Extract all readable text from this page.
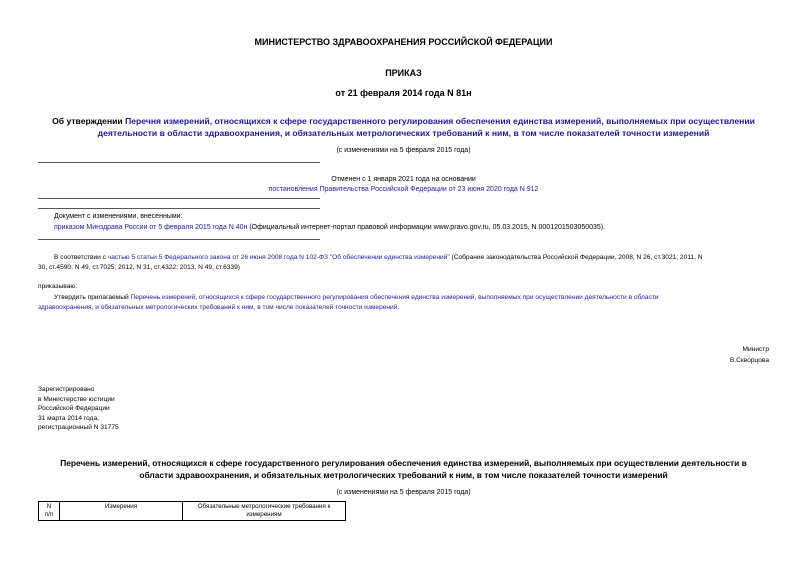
МИНИСТЕРСТВО ЗДРАВООХРАНЕНИЯ РОССИЙСКОЙ ФЕДЕРАЦИИ
ПРИКАЗ
от 21 февраля 2014 года N 81н
Об утверждении Перечня измерений, относящихся к сфере государственного регулирования обеспечения единства измерений, выполняемых при осуществлении
деятельности в области здравоохранения, и обязательных метрологических требований к ним, в том числе показателей точности измерений
(с изменениями на 5 февраля 2015 года)
Отменен с 1 января 2021 года на основании
постановления Правительства Российской Федерации от 23 июня 2020 года N 912
Документ с изменениями, внесенными:
приказом Минздрава России от 5 февраля 2015 года N 40н (Официальный интернет-портал правовой информации www.pravo.gov.ru, 05.03.2015, N 0001201503050035).
В соответствии с частью 5 статьи 5 Федерального закона от 26 июня 2008 года N 102-ФЗ "Об обеспечении единства измерений" (Собрание законодательства Российской Федерации, 2008, N 26, ст.3021; 2011, N
30, ст.4590; N 49, ст.7025; 2012, N 31, ст.4322; 2013, N 49, ст.6339)
приказываю:
Утвердить прилагаемый Перечень измерений, относящихся к сфере государственного регулирования обеспечения единства измерений, выполняемых при осуществлении деятельности в области
здравоохранения, и обязательных метрологических требований к ним, в том числе показателей точности измерений.
Министр
В.Скворцова
Зарегистрировано
в Министерстве юстиции
Российской Федерации
31 марта 2014 года,
регистрационный N 31775
Перечень измерений, относящихся к сфере государственного регулирования обеспечения единства измерений, выполняемых при осуществлении деятельности в
области здравоохранения, и обязательных метрологических требований к ним, в том числе показателей точности измерений
(с изменениями на 5 февраля 2015 года)
N
п/п	Измерения	Обязательные метрологические требования к
измерениям
